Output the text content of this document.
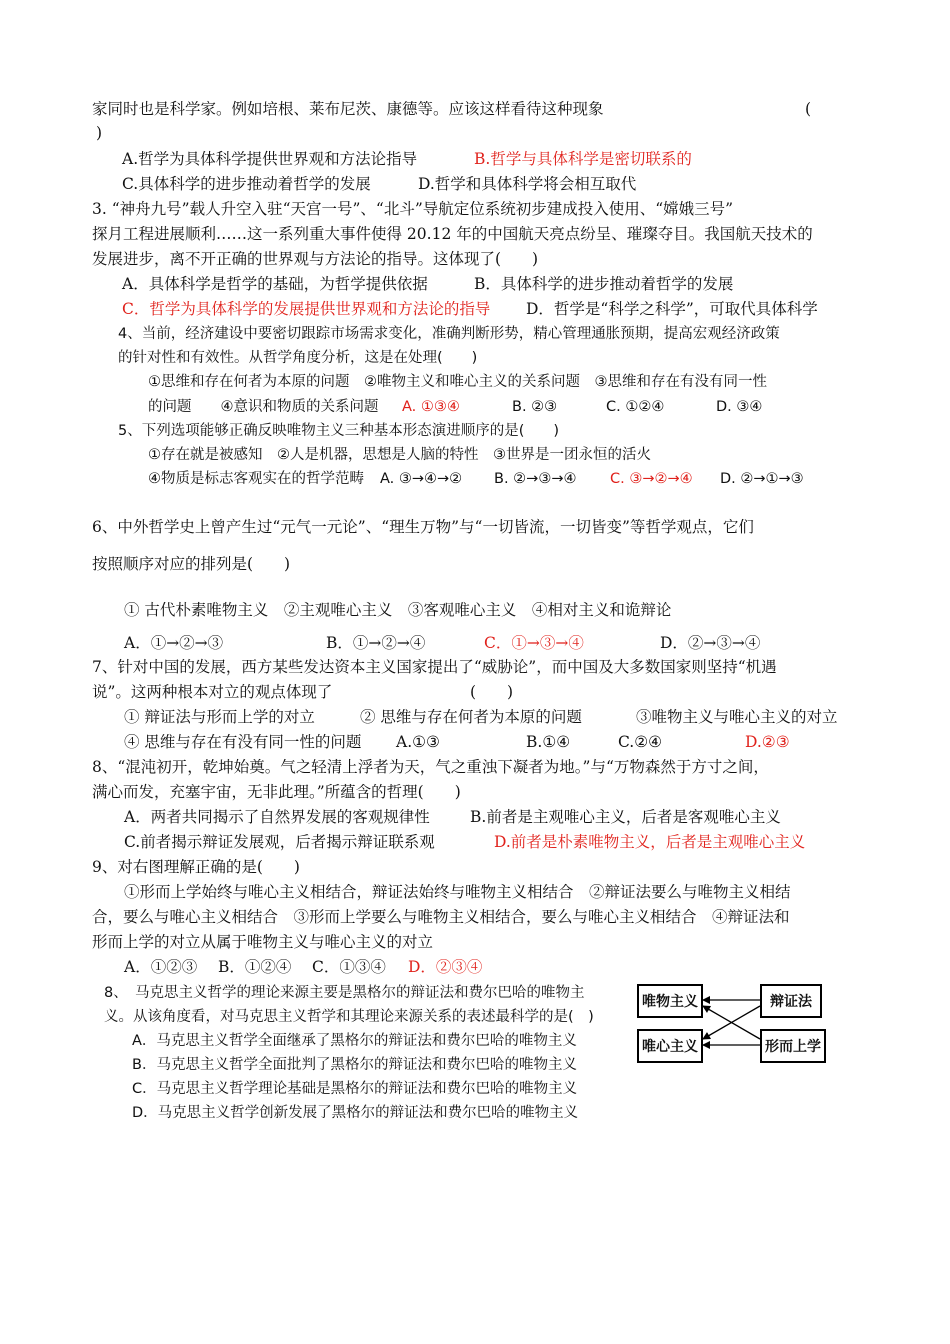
家同时也是科学家。例如培根、莱布尼茨、康德等。应该这样看待这种现象	(
)
A.哲学为具体科学提供世界观和方法论指导	B.哲学与具体科学是密切联系的
C.具体科学的进步推动着哲学的发展	D.哲学和具体科学将会相互取代
3. “神舟九号”载人升空入驻“天宫一号”、“北斗”导航定位系统初步建成投入使用、“嫦娥三号”
探月工程进展顺利……这一系列重大事件使得 20.12 年的中国航天亮点纷呈、璀璨夺目。我国航天技术的
发展进步，离不开正确的世界观与方法论的指导。这体现了(　　)
A．具体科学是哲学的基础，为哲学提供依据	B．具体科学的进步推动着哲学的发展
C．哲学为具体科学的发展提供世界观和方法论的指导 D．哲学是“科学之科学”，可取代具体科学
4、当前，经济建设中要密切跟踪市场需求变化，准确判断形势，精心管理通胀预期，提高宏观经济政策
的针对性和有效性。从哲学角度分析，这是在处理(　　)
①思维和存在何者为本原的问题　②唯物主义和唯心主义的关系问题　③思维和存在有没有同一性
的问题　　④意识和物质的关系问题 A. ①③④	B. ②③	C. ①②④	D. ③④
5、下列选项能够正确反映唯物主义三种基本形态演进顺序的是(　　)
①存在就是被感知　②人是机器，思想是人脑的特性　③世界是一团永恒的活火
④物质是标志客观实在的哲学范畴 A. ③→④→② B. ②→③→④ C. ③→②→④ D. ②→①→③
6、中外哲学史上曾产生过“元气一元论”、“理生万物”与“一切皆流，一切皆变”等哲学观点，它们
按照顺序对应的排列是(　　)
① 古代朴素唯物主义　②主观唯心主义　③客观唯心主义　④相对主义和诡辩论
A．①→②→③	B．①→②→④	C．①→③→④	D．②→③→④
7、针对中国的发展，西方某些发达资本主义国家提出了“威胁论”，而中国及大多数国家则坚持“机遇
说”。这两种根本对立的观点体现了	(　　)
① 辩证法与形而上学的对立	② 思维与存在何者为本原的问题	③唯物主义与唯心主义的对立
④ 思维与存在有没有同一性的问题 A.①③	B.①④	C.②④	D.②③
8、“混沌初开，乾坤始奠。气之轻清上浮者为天，气之重浊下凝者为地。”与“万物森然于方寸之间，
满心而发，充塞宇宙，无非此理。”所蕴含的哲理(　　)
A．两者共同揭示了自然界发展的客观规律性	B.前者是主观唯心主义，后者是客观唯心主义
C.前者揭示辩证发展观，后者揭示辩证联系观	D.前者是朴素唯物主义，后者是主观唯心主义
9、对右图理解正确的是(　　)
①形而上学始终与唯心主义相结合，辩证法始终与唯物主义相结合　②辩证法要么与唯物主义相结
合，要么与唯心主义相结合　③形而上学要么与唯物主义相结合，要么与唯心主义相结合　④辩证法和
形而上学的对立从属于唯物主义与唯心主义的对立
A．①②③ B．①②④ C．①③④ D．②③④
8、　马克思主义哲学的理论来源主要是黑格尔的辩证法和费尔巴哈的唯物主
义。从该角度看，对马克思主义哲学和其理论来源关系的表述最科学的是(　)
A．马克思主义哲学全面继承了黑格尔的辩证法和费尔巴哈的唯物主义
B．马克思主义哲学全面批判了黑格尔的辩证法和费尔巴哈的唯物主义
C．马克思主义哲学理论基础是黑格尔的辩证法和费尔巴哈的唯物主义
D．马克思主义哲学创新发展了黑格尔的辩证法和费尔巴哈的唯物主义
唯物主义	辩证法
唯心主义	形而上学
